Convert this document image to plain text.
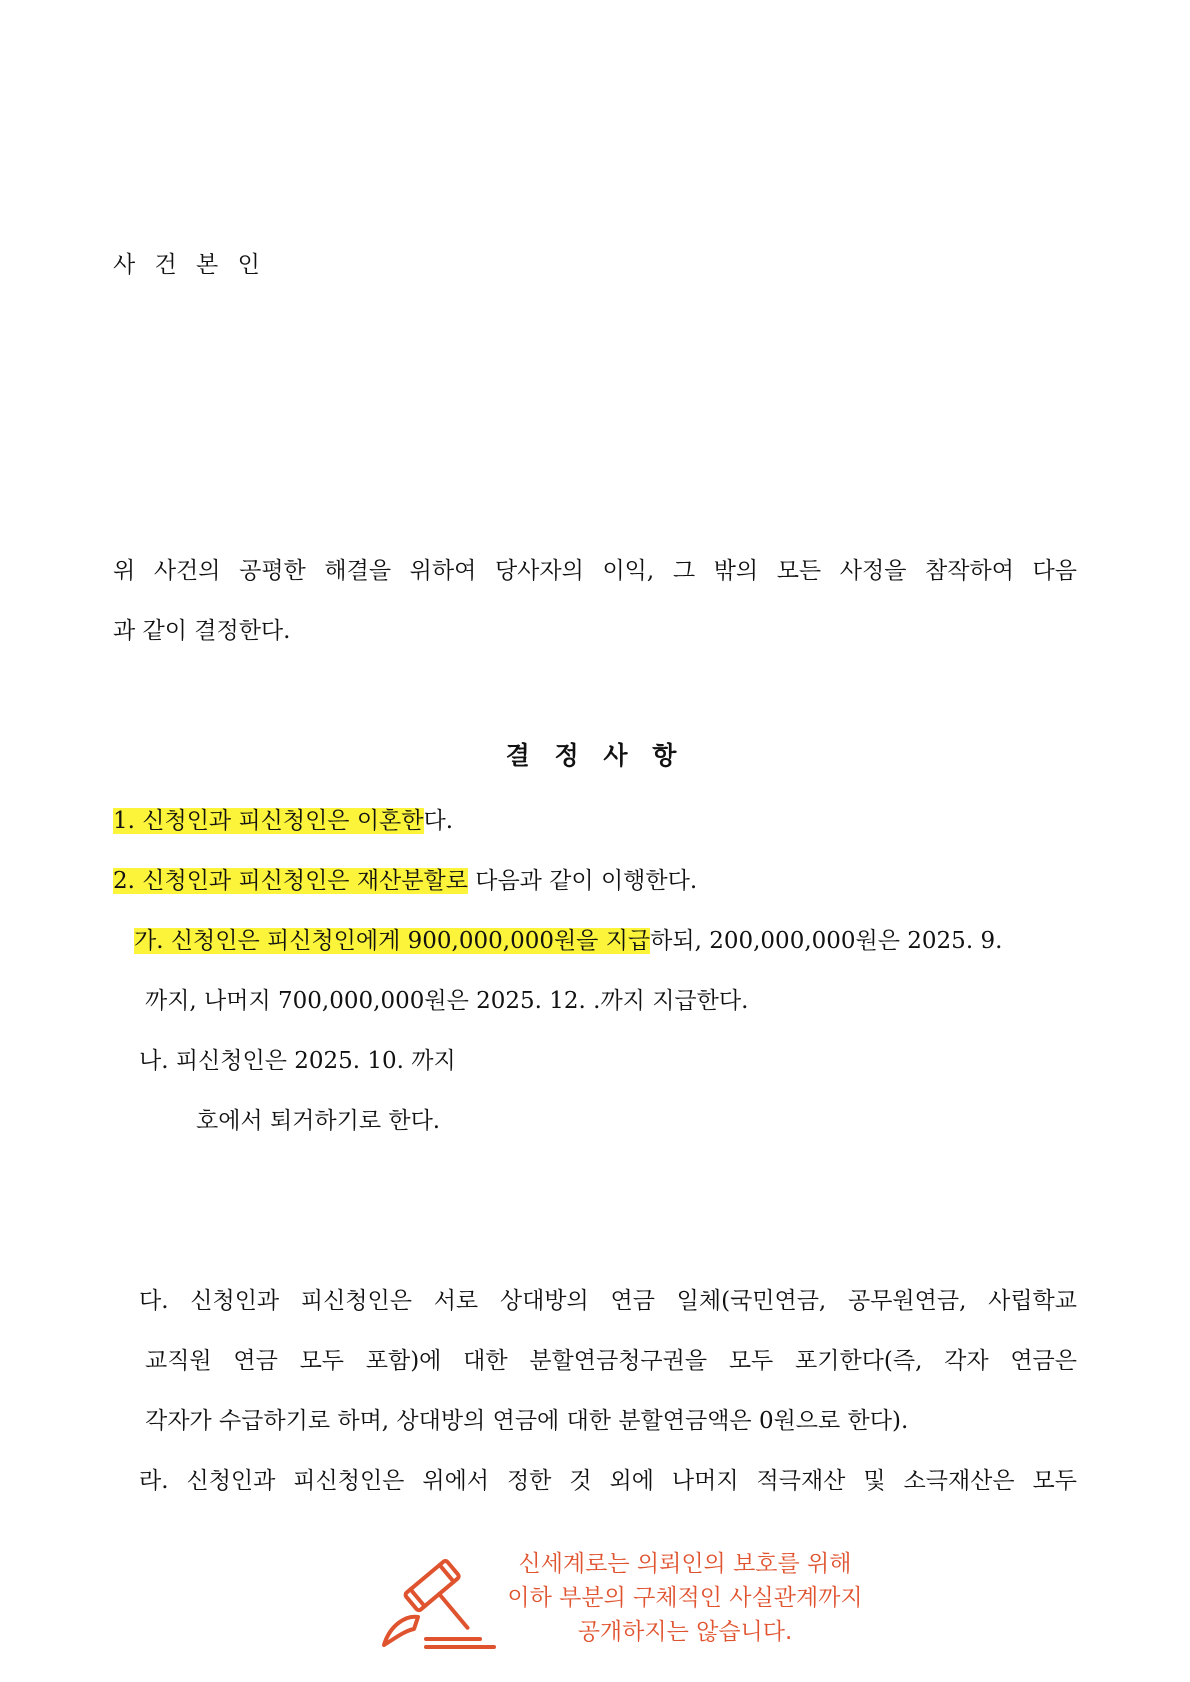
사 건 본 인

위 사건의 공평한 해결을 위하여 당사자의 이익, 그 밖의 모든 사정을 참작하여 다음

과 같이 결정한다.

결 정 사 항

1. 신청인과 피신청인은 이혼한다.

2. 신청인과 피신청인은 재산분할로 다음과 같이 이행한다.

가. 신청인은 피신청인에게 900,000,000원을 지급하되, 200,000,000원은 2025. 9.

까지, 나머지 700,000,000원은 2025. 12. .까지 지급한다.

나. 피신청인은 2025. 10. 까지

호에서 퇴거하기로 한다.

다. 신청인과 피신청인은 서로 상대방의 연금 일체(국민연금, 공무원연금, 사립학교

교직원 연금 모두 포함)에 대한 분할연금청구권을 모두 포기한다(즉, 각자 연금은

각자가 수급하기로 하며, 상대방의 연금에 대한 분할연금액은 0원으로 한다).

라. 신청인과 피신청인은 위에서 정한 것 외에 나머지 적극재산 및 소극재산은 모두

신세계로는 의뢰인의 보호를 위해
이하 부분의 구체적인 사실관계까지
공개하지는 않습니다.
